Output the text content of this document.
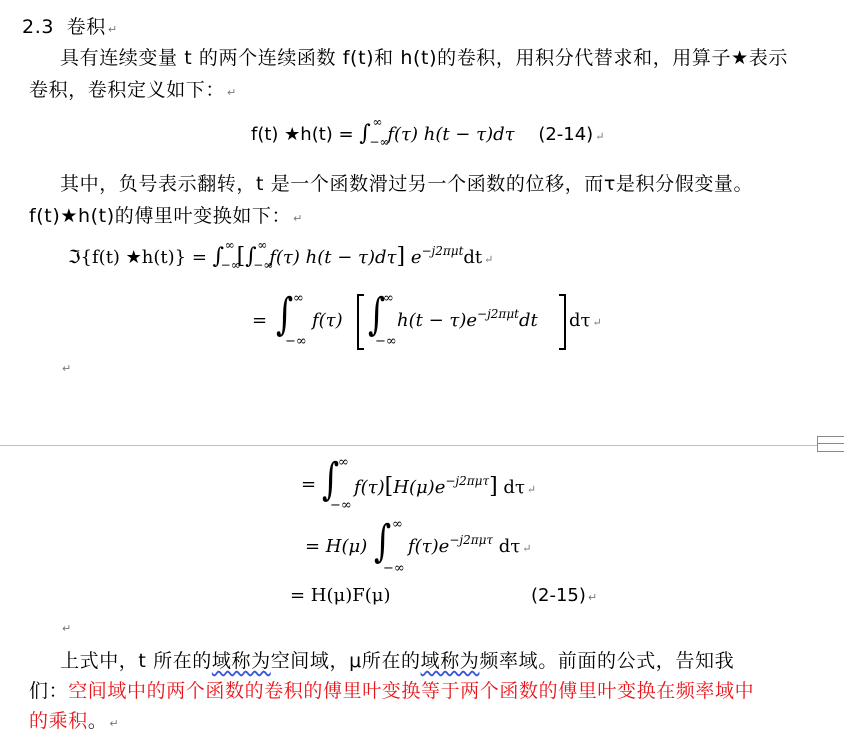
2.3 卷积 ↵
具有连续变量 t 的两个连续函数 f(t)和 h(t)的卷积，用积分代替求和，用算子★表示
卷积，卷积定义如下： ↵
f(t) ★h(t) = ∫ ∞
−∞
f(τ) h(t − τ)dτ (2-14) ↵
其中，负号表示翻转，t 是一个函数滑过另一个函数的位移，而τ是积分假变量。
f(t)★h(t)的傅里叶变换如下： ↵
ℑ{f(t) ★h(t)} = ∫ ∞
−∞
[∫ ∞
−∞
f(τ) h(t − τ)dτ] $e^{-j2\pi\mu t}dt$ ↵
= ∫ ∞
−∞
f(τ) ∫
∞
−∞
$h(t - \tau)e^{-j2\pi\mu t}dt$ dτ ↵
↵
= ∫
∞
−∞
$f(\tau)[H(\mu)e^{-j2\pi\mu\tau}]$ dτ ↵
= H(μ) ∫ ∞
−∞
$f(\tau)e^{-j2\pi\mu\tau}$ dτ ↵
= H(μ)F(μ)	(2-15) ↵
↵
上式中，t 所在的域称为空间域，μ所在的域称为频率域。前面的公式，告知我
们：空间域中的两个函数的卷积的傅里叶变换等于两个函数的傅里叶变换在频率域中
的乘积。 ↵
